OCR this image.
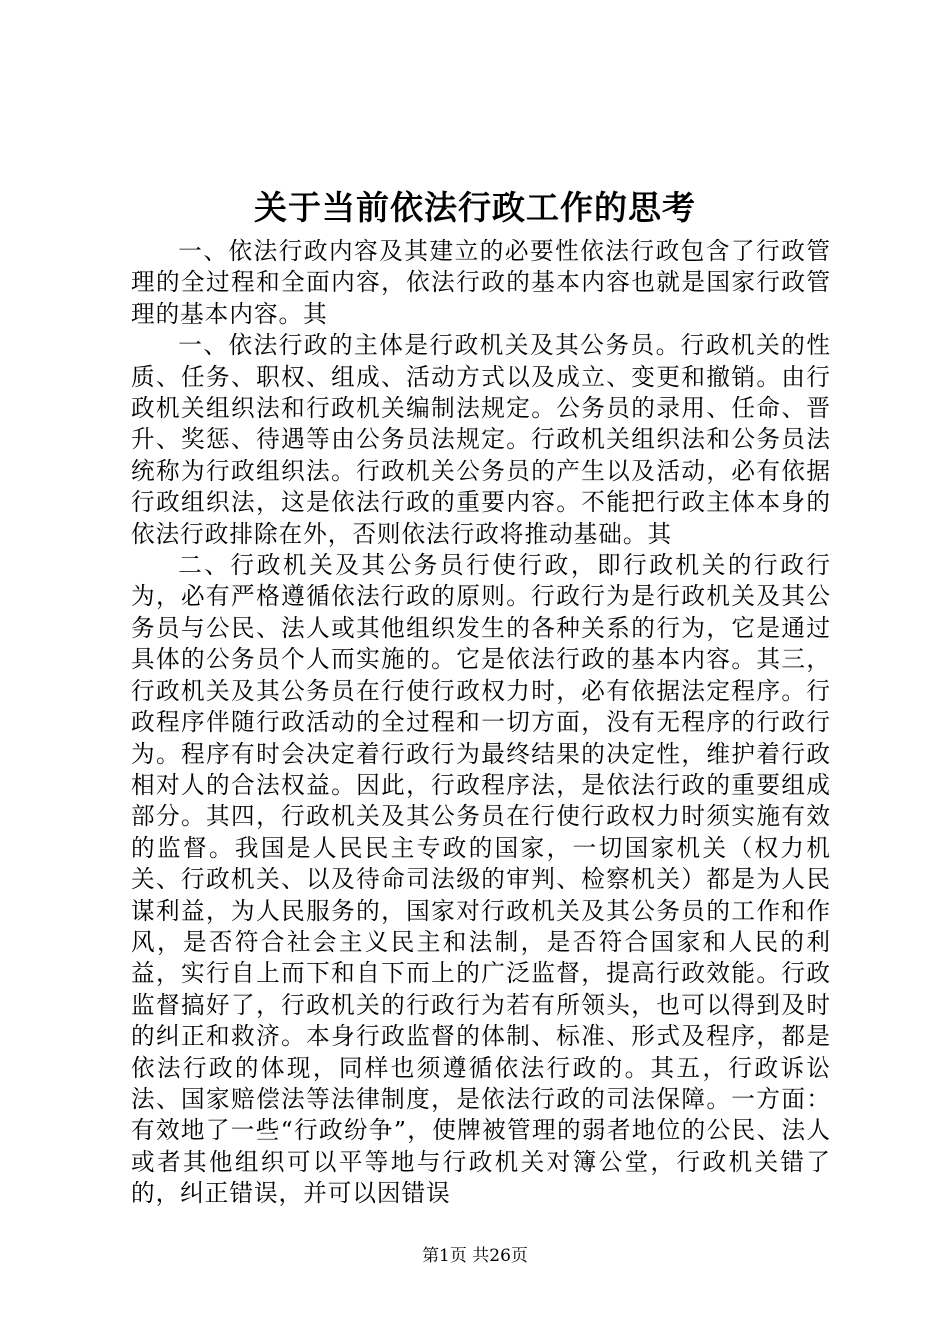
关于当前依法行政工作的思考

一、依法行政内容及其建立的必要性依法行政包含了行政管理的全过程和全面内容，依法行政的基本内容也就是国家行政管理的基本内容。其

一、依法行政的主体是行政机关及其公务员。行政机关的性质、任务、职权、组成、活动方式以及成立、变更和撤销。由行政机关组织法和行政机关编制法规定。公务员的录用、任命、晋升、奖惩、待遇等由公务员法规定。行政机关组织法和公务员法统称为行政组织法。行政机关公务员的产生以及活动，必有依据行政组织法，这是依法行政的重要内容。不能把行政主体本身的依法行政排除在外，否则依法行政将推动基础。其

二、行政机关及其公务员行使行政，即行政机关的行政行为，必有严格遵循依法行政的原则。行政行为是行政机关及其公务员与公民、法人或其他组织发生的各种关系的行为，它是通过具体的公务员个人而实施的。它是依法行政的基本内容。其三，行政机关及其公务员在行使行政权力时，必有依据法定程序。行政程序伴随行政活动的全过程和一切方面，没有无程序的行政行为。程序有时会决定着行政行为最终结果的决定性，维护着行政相对人的合法权益。因此，行政程序法，是依法行政的重要组成部分。其四，行政机关及其公务员在行使行政权力时须实施有效的监督。我国是人民民主专政的国家，一切国家机关（权力机关、行政机关、以及待命司法级的审判、检察机关）都是为人民谋利益，为人民服务的，国家对行政机关及其公务员的工作和作风，是否符合社会主义民主和法制，是否符合国家和人民的利益，实行自上而下和自下而上的广泛监督，提高行政效能。行政监督搞好了，行政机关的行政行为若有所领头，也可以得到及时的纠正和救济。本身行政监督的体制、标准、形式及程序，都是依法行政的体现，同样也须遵循依法行政的。其五，行政诉讼法、国家赔偿法等法律制度，是依法行政的司法保障。一方面：有效地了一些“行政纷争”，使牌被管理的弱者地位的公民、法人或者其他组织可以平等地与行政机关对簿公堂，行政机关错了的，纠正错误，并可以因错误

第1页 共26页
